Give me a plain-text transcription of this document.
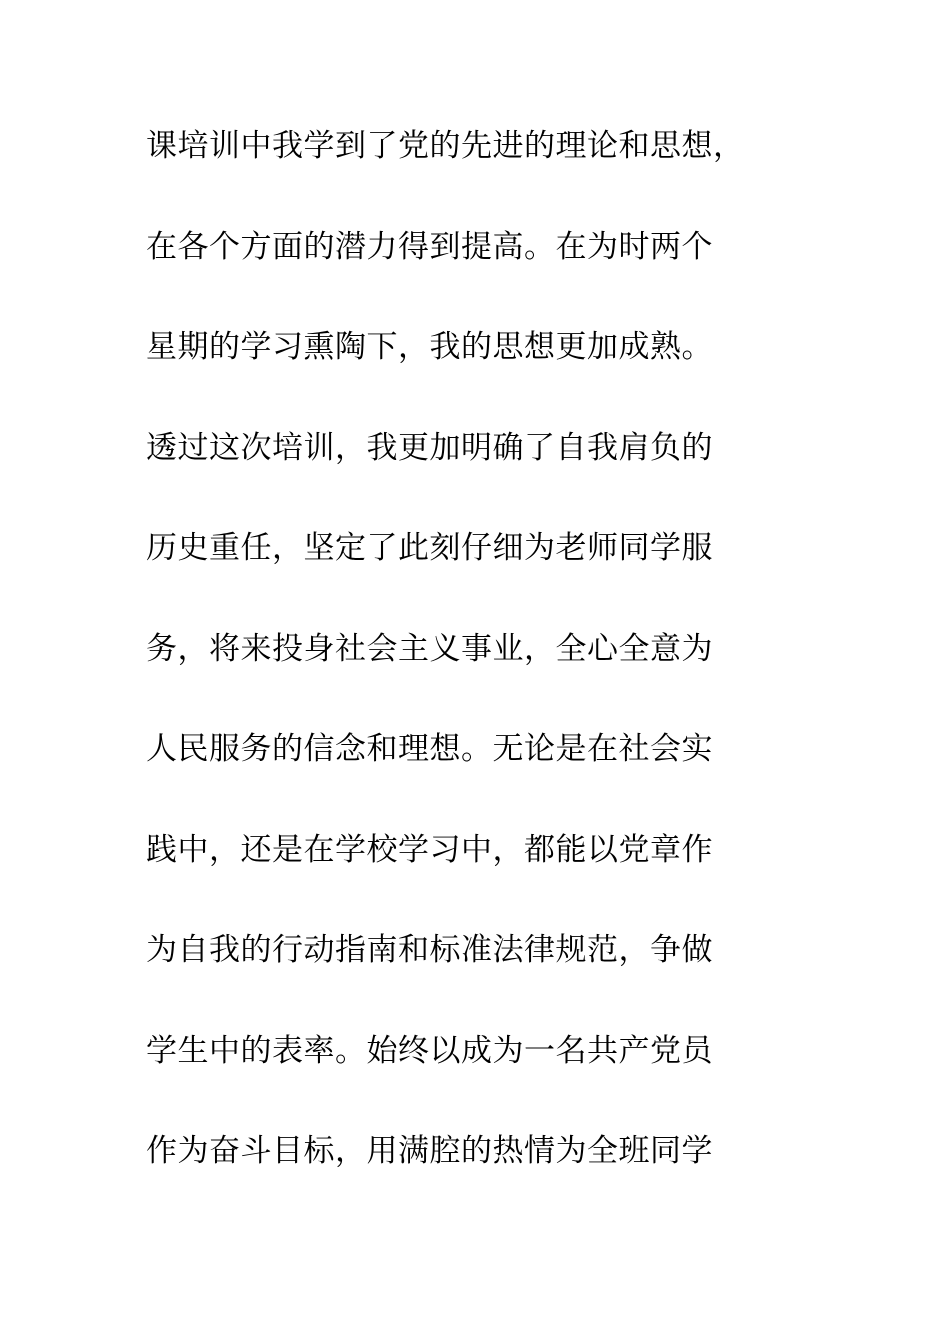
课培训中我学到了党的先进的理论和思想，
在各个方面的潜力得到提高。在为时两个
星期的学习熏陶下，我的思想更加成熟。
透过这次培训，我更加明确了自我肩负的
历史重任，坚定了此刻仔细为老师同学服
务，将来投身社会主义事业，全心全意为
人民服务的信念和理想。无论是在社会实
践中，还是在学校学习中，都能以党章作
为自我的行动指南和标准法律规范，争做
学生中的表率。始终以成为一名共产党员
作为奋斗目标，用满腔的热情为全班同学
